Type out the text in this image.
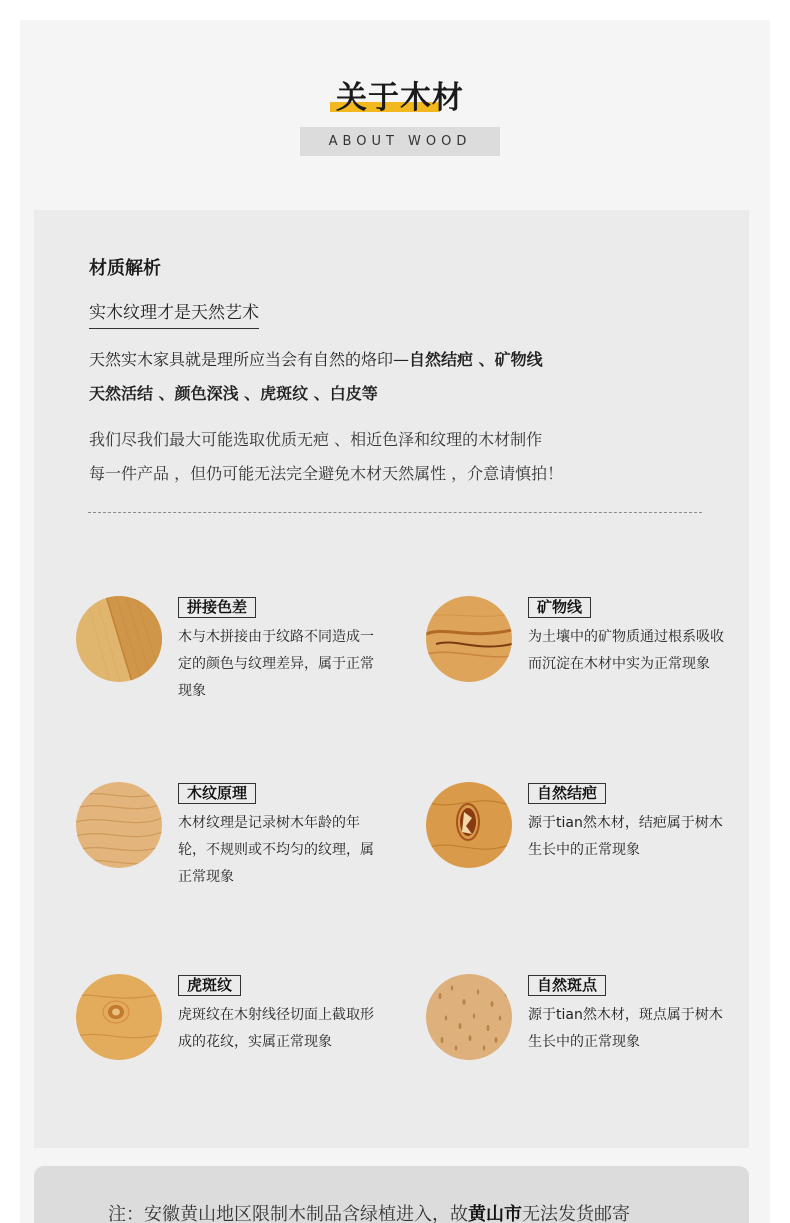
关于木材
ABOUT WOOD
材质解析
实木纹理才是天然艺术
天然实木家具就是理所应当会有自然的烙印—自然结疤 、矿物线
天然活结 、颜色深浅 、虎斑纹 、白皮等
我们尽我们最大可能选取优质无疤 、相近色泽和纹理的木材制作
每一件产品 ，但仍可能无法完全避免木材天然属性 ，介意请慎拍！
拼接色差
木与木拼接由于纹路不同造成一定的颜色与纹理差异，属于正常现象
矿物线
为土壤中的矿物质通过根系吸收而沉淀在木材中实为正常现象
木纹原理
木材纹理是记录树木年龄的年轮，不规则或不均匀的纹理，属正常现象
自然结疤
源于tian然木材，结疤属于树木生长中的正常现象
虎斑纹
虎斑纹在木射线径切面上截取形成的花纹，实属正常现象
自然斑点
源于tian然木材，斑点属于树木生长中的正常现象
注：安徽黄山地区限制木制品含绿植进入，故黄山市无法发货邮寄
